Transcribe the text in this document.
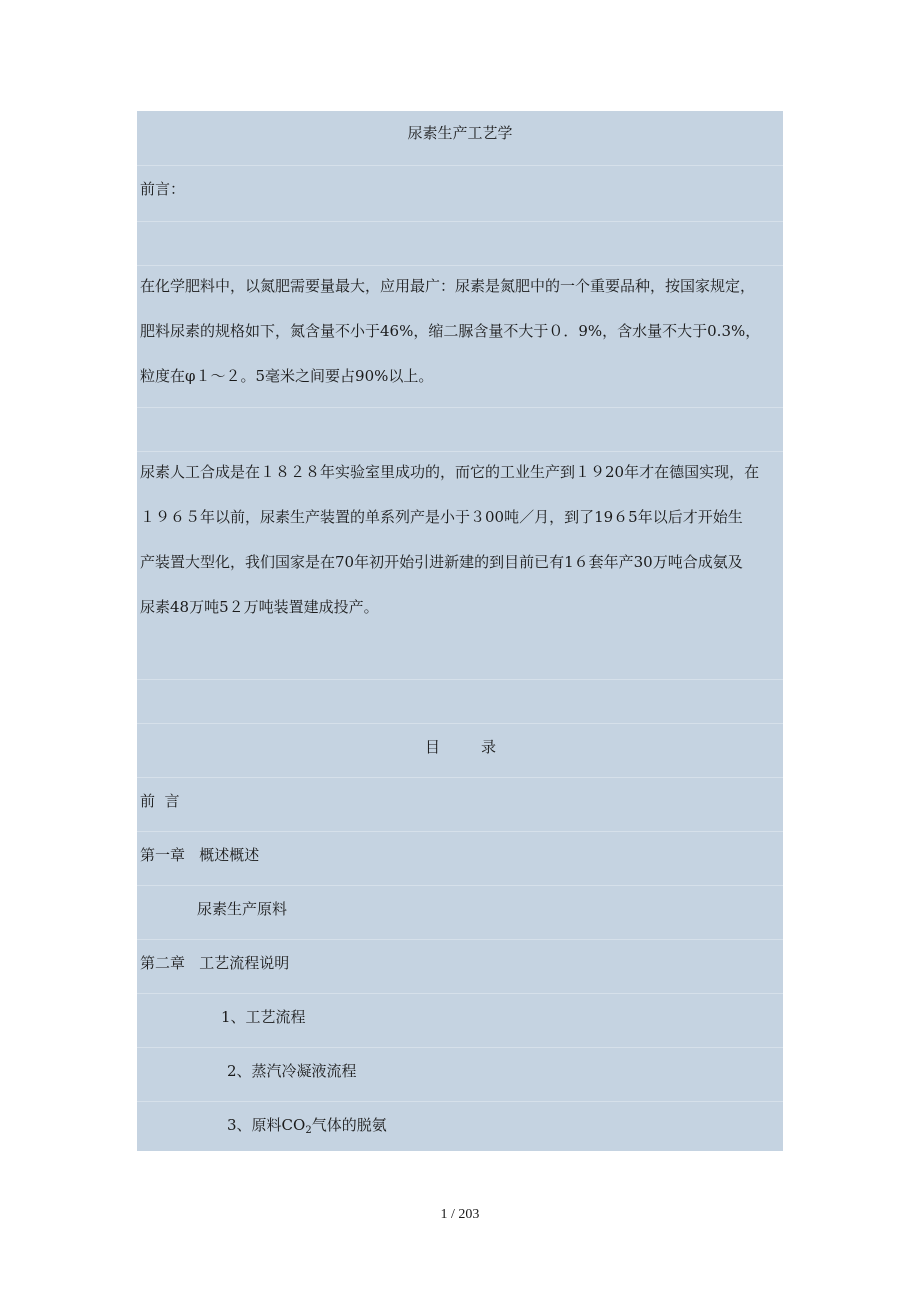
尿素生产工艺学
前言：
在化学肥料中，以氮肥需要量最大，应用最广：尿素是氮肥中的一个重要品种，按国家规定，
肥料尿素的规格如下，氮含量不小于46%，缩二脲含量不大于０．9%，含水量不大于0.3%，
粒度在φ１～２。5毫米之间要占90%以上。
尿素人工合成是在１８２８年实验室里成功的，而它的工业生产到１９20年才在德国实现，在
１９６５年以前，尿素生产装置的单系列产是小于３00吨／月，到了19６5年以后才开始生
产装置大型化，我们国家是在70年初开始引进新建的到目前已有1６套年产30万吨合成氨及
尿素48万吨5２万吨装置建成投产。
目	录
前  言
第一章   概述概述
尿素生产原料
第二章   工艺流程说明
1、工艺流程
2、蒸汽冷凝液流程
3、原料$CO_2$气体的脱氨
1 / 203
